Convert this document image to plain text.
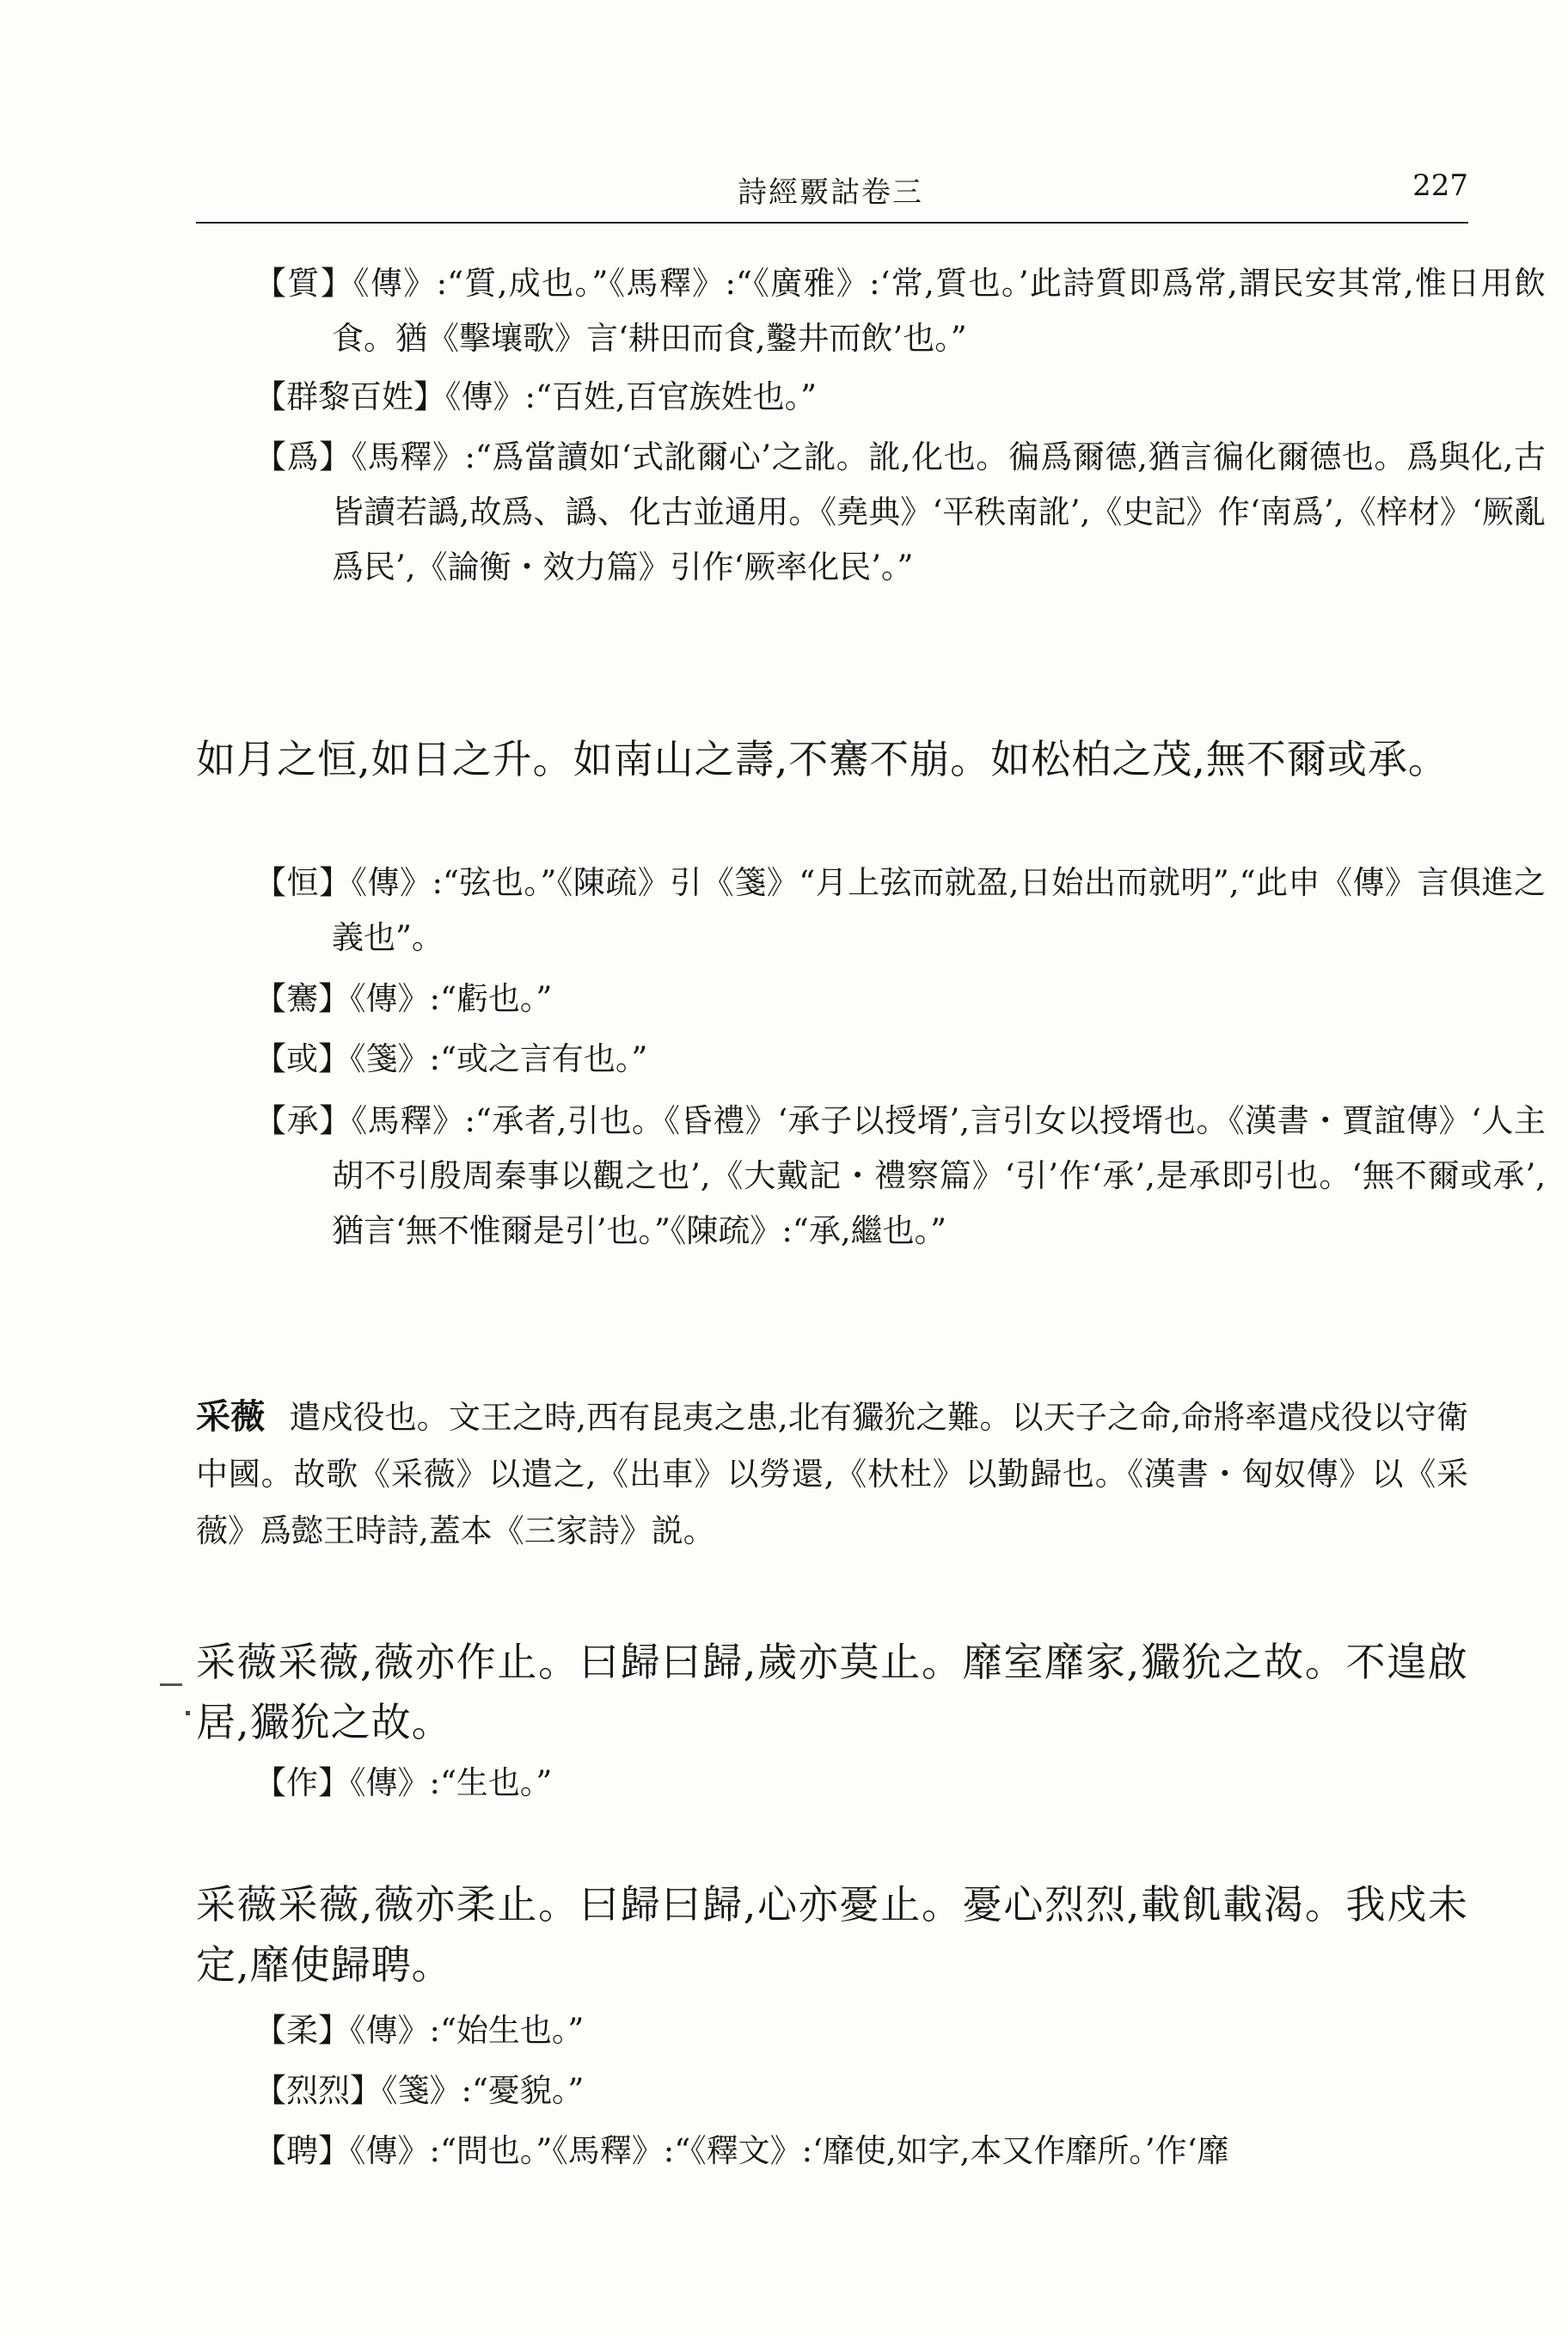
詩經覈詁卷三	227
【質】《傳》:“質,成也。”《馬釋》:“《廣雅》:‘常,質也。’此詩質即爲常,謂民安其常,惟日用飲食。猶《擊壤歌》言‘耕田而食,鑿井而飲’也。”
【群黎百姓】《傳》:“百姓,百官族姓也。”
【爲】《馬釋》:“爲當讀如‘式訛爾心’之訛。訛,化也。徧爲爾德,猶言徧化爾德也。爲與化,古皆讀若譌,故爲、譌、化古並通用。《堯典》‘平秩南訛’,《史記》作‘南爲’,《梓材》‘厥亂爲民’,《論衡・效力篇》引作‘厥率化民’。”
如月之恒,如日之升。如南山之壽,不騫不崩。如松柏之茂,無不爾或承。
【恒】《傳》:“弦也。”《陳疏》引《箋》“月上弦而就盈,日始出而就明”,“此申《傳》言俱進之義也”。
【騫】《傳》:“虧也。”
【或】《箋》:“或之言有也。”
【承】《馬釋》:“承者,引也。《昏禮》‘承子以授壻’,言引女以授壻也。《漢書・賈誼傳》‘人主胡不引殷周秦事以觀之也’,《大戴記・禮察篇》‘引’作‘承’,是承即引也。‘無不爾或承’,猶言‘無不惟爾是引’也。”《陳疏》:“承,繼也。”
采薇 遣戍役也。文王之時,西有昆夷之患,北有玁狁之難。以天子之命,命將率遣戍役以守衛中國。故歌《采薇》以遣之,《出車》以勞還,《杕杜》以勤歸也。《漢書・匈奴傳》以《采薇》爲懿王時詩,蓋本《三家詩》説。
采薇采薇,薇亦作止。曰歸曰歸,歲亦莫止。靡室靡家,玁狁之故。不遑啟居,玁狁之故。
【作】《傳》:“生也。”
采薇采薇,薇亦柔止。曰歸曰歸,心亦憂止。憂心烈烈,載飢載渴。我戍未定,靡使歸聘。
【柔】《傳》:“始生也。”
【烈烈】《箋》:“憂貌。”
【聘】《傳》:“問也。”《馬釋》:“《釋文》:‘靡使,如字,本又作靡所。’作‘靡
